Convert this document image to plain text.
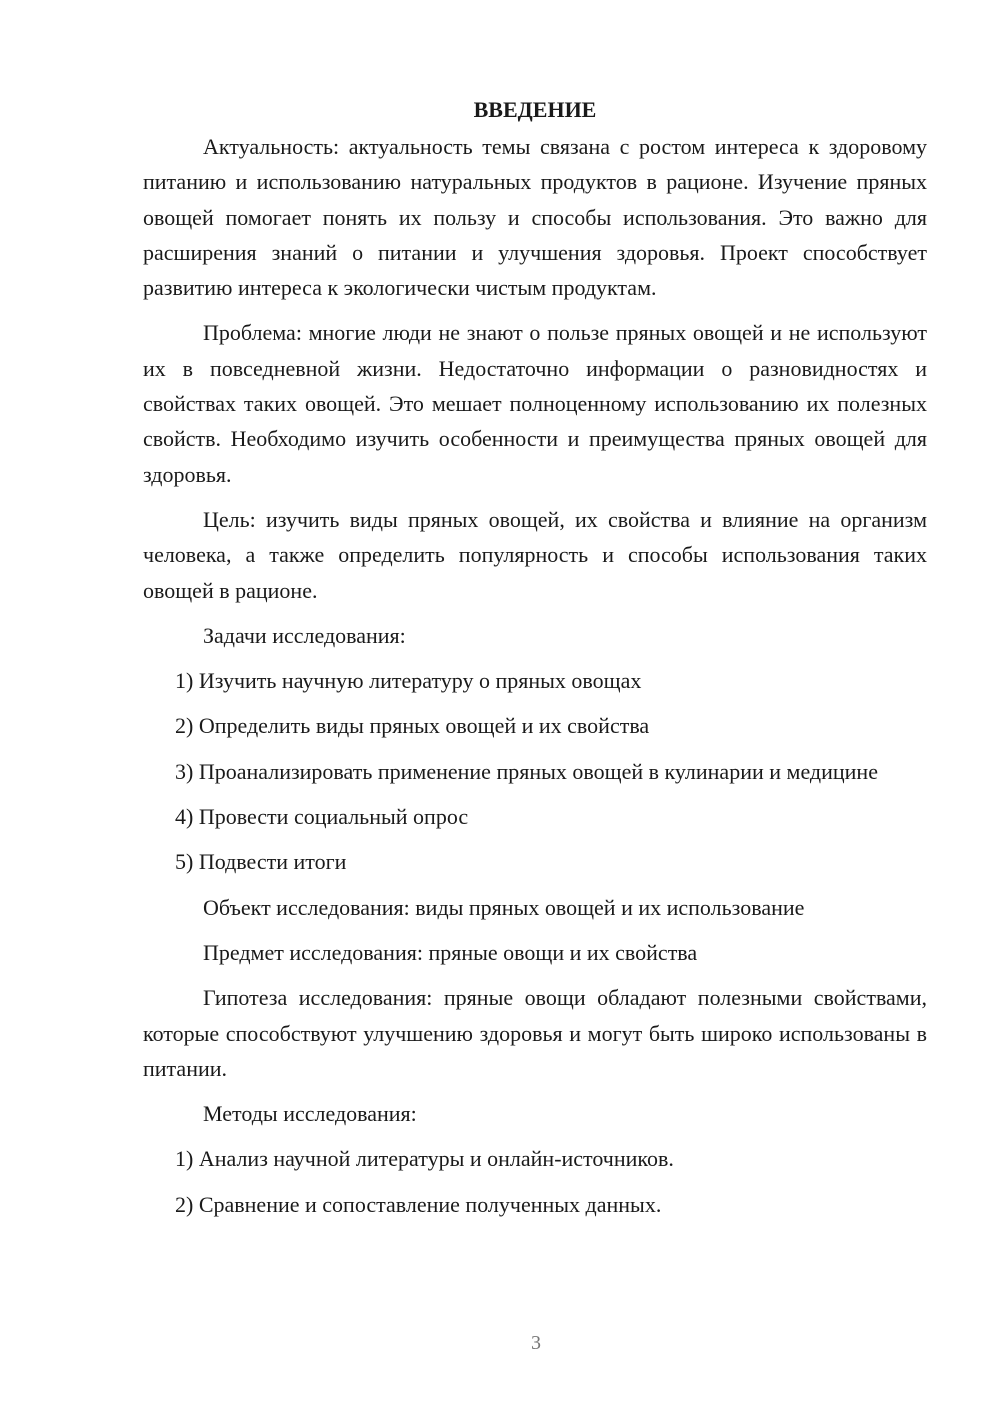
ВВЕДЕНИЕ

Актуальность: актуальность темы связана с ростом интереса к здоровому питанию и использованию натуральных продуктов в рационе. Изучение пряных овощей помогает понять их пользу и способы использования. Это важно для расширения знаний о питании и улучшения здоровья. Проект способствует развитию интереса к экологически чистым продуктам.

Проблема: многие люди не знают о пользе пряных овощей и не используют их в повседневной жизни. Недостаточно информации о разновидностях и свойствах таких овощей. Это мешает полноценному использованию их полезных свойств. Необходимо изучить особенности и преимущества пряных овощей для здоровья.

Цель: изучить виды пряных овощей, их свойства и влияние на организм человека, а также определить популярность и способы использования таких овощей в рационе.

Задачи исследования:

1) Изучить научную литературу о пряных овощах

2) Определить виды пряных овощей и их свойства

3) Проанализировать применение пряных овощей в кулинарии и медицине

4) Провести социальный опрос

5) Подвести итоги

Объект исследования: виды пряных овощей и их использование

Предмет исследования: пряные овощи и их свойства

Гипотеза исследования: пряные овощи обладают полезными свойствами, которые способствуют улучшению здоровья и могут быть широко использованы в питании.

Методы исследования:

1) Анализ научной литературы и онлайн-источников.

2) Сравнение и сопоставление полученных данных.

3
